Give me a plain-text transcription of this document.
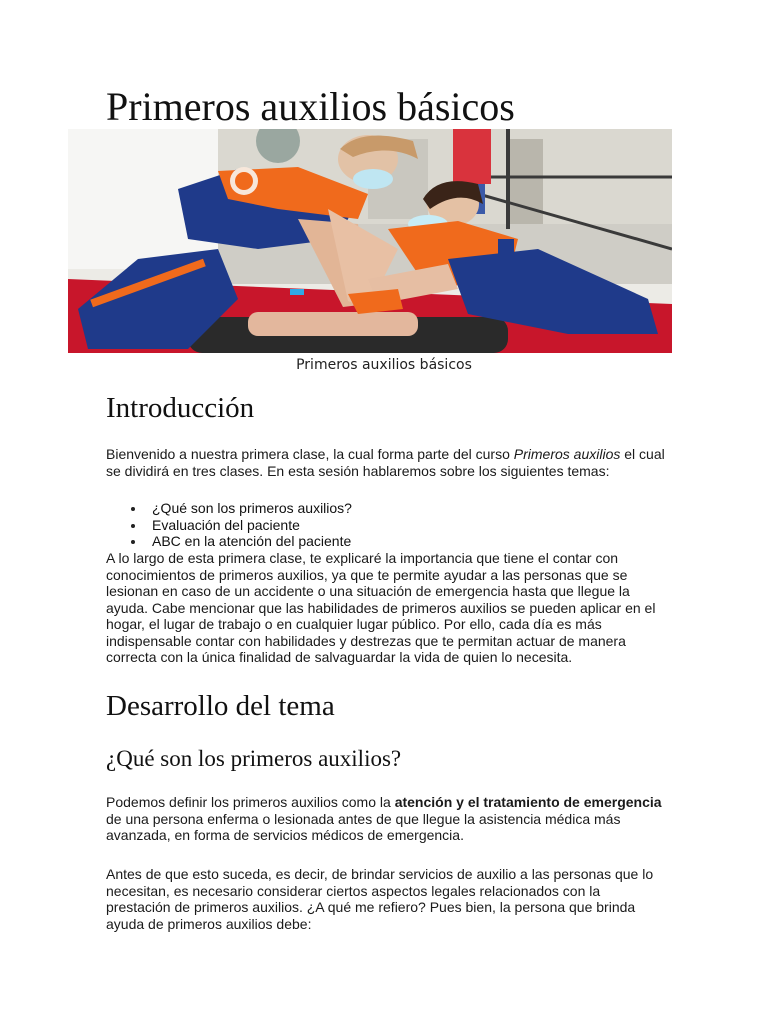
Primeros auxilios básicos
Primeros auxilios básicos
Introducción

Bienvenido a nuestra primera clase, la cual forma parte del curso Primeros auxilios el cual se dividirá en tres clases. En esta sesión hablaremos sobre los siguientes temas:

¿Qué son los primeros auxilios?
Evaluación del paciente
ABC en la atención del paciente

A lo largo de esta primera clase, te explicaré la importancia que tiene el contar con conocimientos de primeros auxilios, ya que te permite ayudar a las personas que se lesionan en caso de un accidente o una situación de emergencia hasta que llegue la ayuda. Cabe mencionar que las habilidades de primeros auxilios se pueden aplicar en el hogar, el lugar de trabajo o en cualquier lugar público. Por ello, cada día es más indispensable contar con habilidades y destrezas que te permitan actuar de manera correcta con la única finalidad de salvaguardar la vida de quien lo necesita.

Desarrollo del tema
¿Qué son los primeros auxilios?

Podemos definir los primeros auxilios como la atención y el tratamiento de emergencia de una persona enferma o lesionada antes de que llegue la asistencia médica más avanzada, en forma de servicios médicos de emergencia.

Antes de que esto suceda, es decir, de brindar servicios de auxilio a las personas que lo necesitan, es necesario considerar ciertos aspectos legales relacionados con la prestación de primeros auxilios. ¿A qué me refiero? Pues bien, la persona que brinda ayuda de primeros auxilios debe:
